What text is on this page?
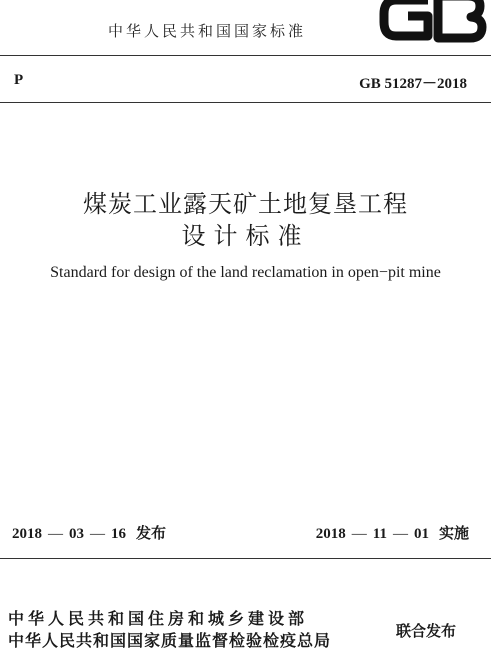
中华人民共和国国家标准
GB
P	GB 51287－2018
煤炭工业露天矿土地复垦工程
设计标准
Standard for design of the land reclamation in open−pit mine
2018 — 03 — 16 发布	2018 — 11 — 01 实施
中华人民共和国住房和城乡建设部
中华人民共和国国家质量监督检验检疫总局	联合发布
